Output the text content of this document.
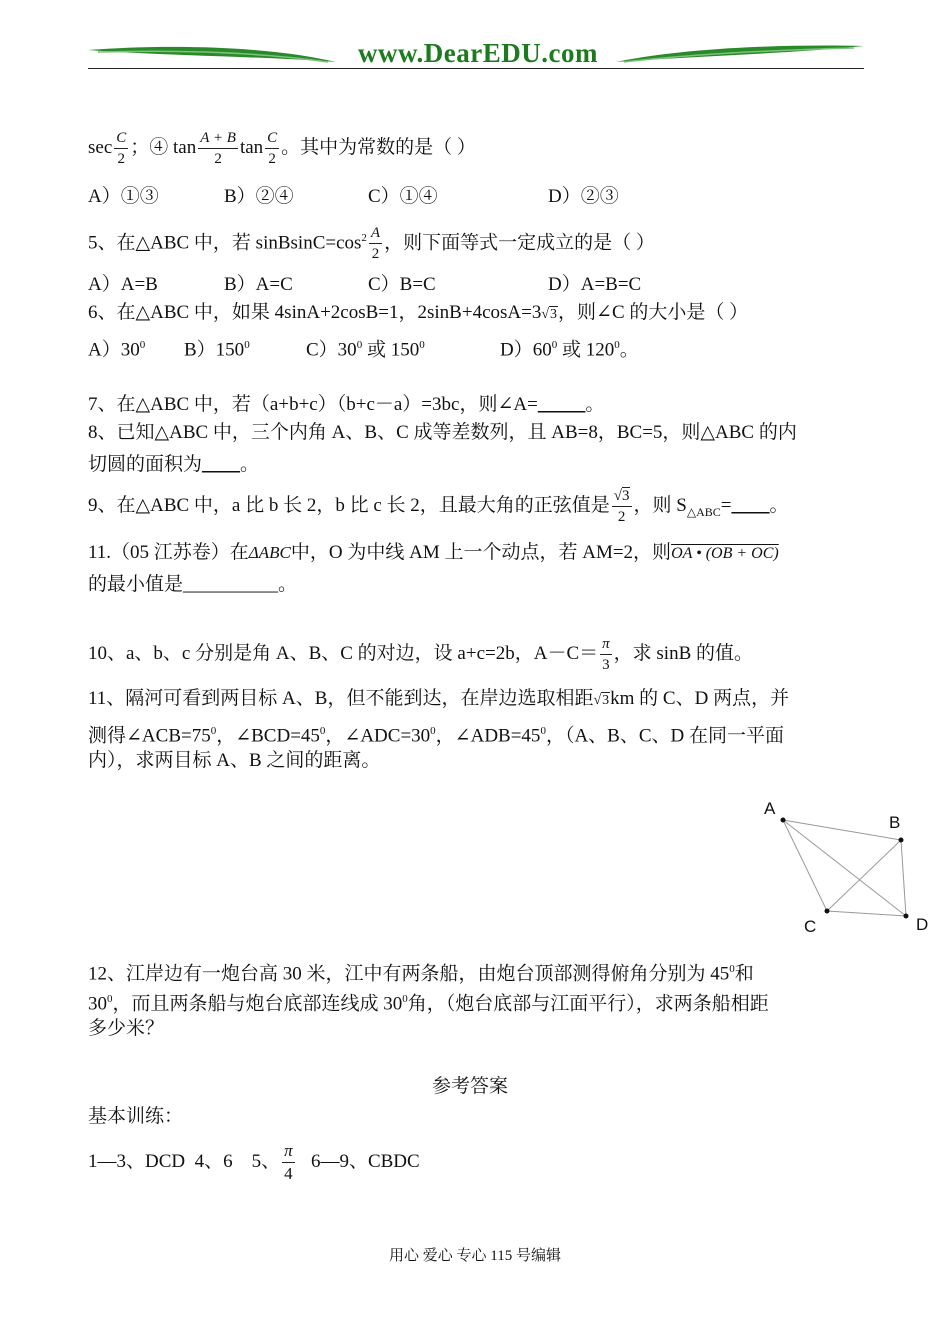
www.DearEDU.com
$\sec \frac{C}{2}$ ；④ $\tan \frac{A + B}{2}$ $\tan \frac{C}{2}$ 。其中为常数的是（ ）
A）①③	B）②④	C）①④	D）②③
5、在△ABC 中，若 $sinBsinC=\cos^2 \frac{A}{2}$ ，则下面等式一定成立的是（ ）
A）A=B	B）A=C	C）B=C	D）A=B=C
6、在△ABC 中，如果 4sinA+2cosB=1，2sinB+4cosA=3√3，则∠C 的大小是（ ）
$A)30^0$ $B)150^0$	$C)30^0$ 或 $150^0$	$D)60^0$ 或 $120^0$。
7、在△ABC 中，若（a+b+c）（b+c－a）=3bc，则∠A=_____。
8、已知△ABC 中，三个内角 A、B、C 成等差数列，且 AB=8，BC=5，则△ABC 的内
切圆的面积为____。
9、在△ABC 中，a 比 b 长 2，b 比 c 长 2，且最大角的正弦值是 $\frac{√3}{2}$ ，则 $S_{\triangle ABC}=\_\_\_\_$。
11.（05 江苏卷）在ΔABC中，O 为中线 AM 上一个动点，若 AM=2，则OA • (OB + OC)
的最小值是__________。
10、a、b、c 分别是角 A、B、C 的对边，设 a+c=2b，$A-C= \frac{\pi}{3}$ ，求 sinB 的值。
11、隔河可看到两目标 A、B，但不能到达，在岸边选取相距√3km 的 C、D 两点，并
测得$\angle ACB=75^0$，$\angle BCD=45^0$，$\angle ADC=30^0$，$\angle ADB=45^0$，（A、B、C、D 在同一平面
内），求两目标 A、B 之间的距离。
A
B
C	D
12、江岸边有一炮台高 30 米，江中有两条船，由炮台顶部测得俯角分别为 $45^0$和
$30^0$，而且两条船与炮台底部连线成 $30^0$角，（炮台底部与江面平行），求两条船相距
多少米？
参考答案
基本训练：
1—3、DCD 4、6 5、 $\frac{\pi}{4}$ 6—9、CBDC
用心 爱心 专心 115 号编辑
